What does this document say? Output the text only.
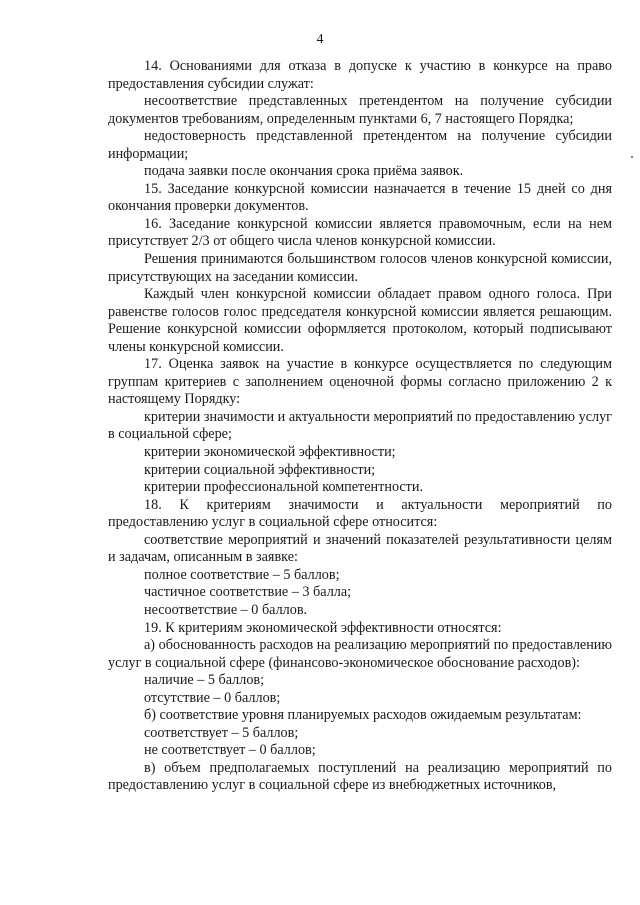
4

14. Основаниями для отказа в допуске к участию в конкурсе на право предоставления субсидии служат:

несоответствие представленных претендентом на получение субсидии документов требованиям, определенным пунктами 6, 7 настоящего Порядка;

недостоверность представленной претендентом на получение субсидии информации;

подача заявки после окончания срока приёма заявок.

15. Заседание конкурсной комиссии назначается в течение 15 дней со дня окончания проверки документов.

16. Заседание конкурсной комиссии является правомочным, если на нем присутствует 2/3 от общего числа членов конкурсной комиссии.

Решения принимаются большинством голосов членов конкурсной комиссии, присутствующих на заседании комиссии.

Каждый член конкурсной комиссии обладает правом одного голоса. При равенстве голосов голос председателя конкурсной комиссии является решающим. Решение конкурсной комиссии оформляется протоколом, который подписывают члены конкурсной комиссии.

17. Оценка заявок на участие в конкурсе осуществляется по следующим группам критериев с заполнением оценочной формы согласно приложению 2 к настоящему Порядку:

критерии значимости и актуальности мероприятий по предоставлению услуг в социальной сфере;

критерии экономической эффективности;

критерии социальной эффективности;

критерии профессиональной компетентности.

18. К критериям значимости и актуальности мероприятий по предоставлению услуг в социальной сфере относится:

соответствие мероприятий и значений показателей результативности целям и задачам, описанным в заявке:

полное соответствие – 5 баллов;

частичное соответствие – 3 балла;

несоответствие – 0 баллов.

19. К критериям экономической эффективности относятся:

а) обоснованность расходов на реализацию мероприятий по предоставлению услуг в социальной сфере (финансово-экономическое обоснование расходов):

наличие – 5 баллов;

отсутствие – 0 баллов;

б) соответствие уровня планируемых расходов ожидаемым результатам:

соответствует – 5 баллов;

не соответствует – 0 баллов;

в) объем предполагаемых поступлений на реализацию мероприятий по предоставлению услуг в социальной сфере из внебюджетных источников,
